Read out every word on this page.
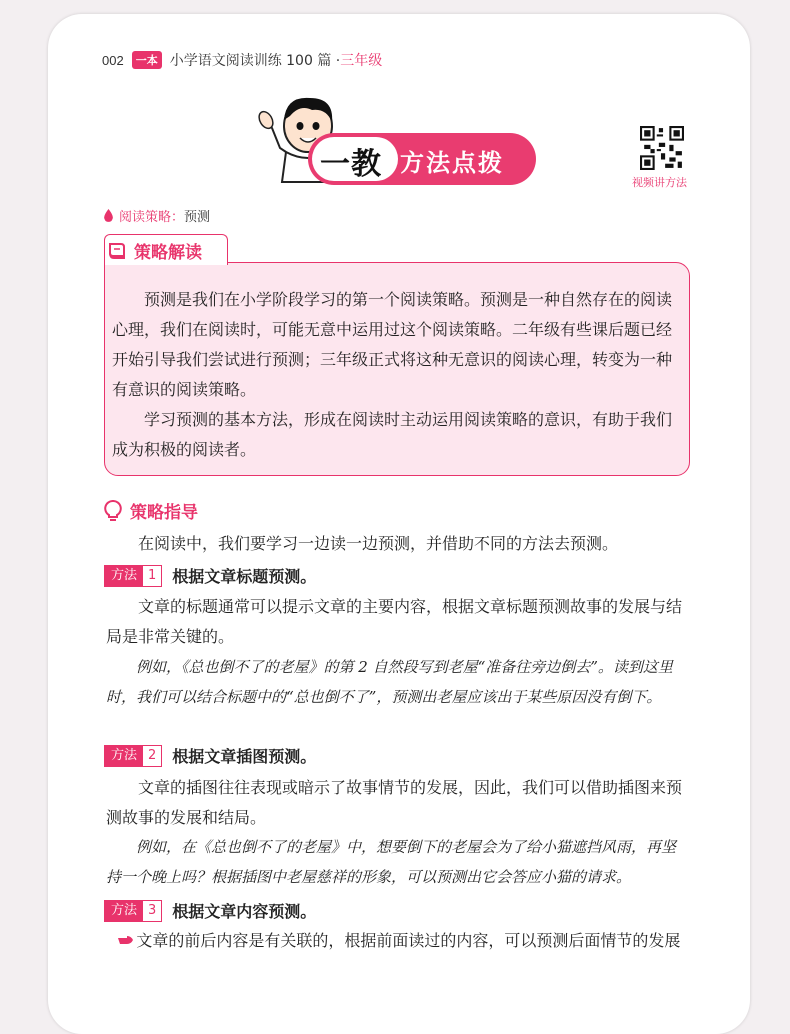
002	一本 小学语文阅读训练 100 篇 · 三年级
一教 方法点拨
视频讲方法
阅读策略： 预测
策略解读
预测是我们在小学阶段学习的第一个阅读策略。预测是一种自然存在的阅读心理，我们在阅读时，可能无意中运用过这个阅读策略。二年级有些课后题已经开始引导我们尝试进行预测；三年级正式将这种无意识的阅读心理，转变为一种有意识的阅读策略。
学习预测的基本方法，形成在阅读时主动运用阅读策略的意识，有助于我们成为积极的阅读者。
策略指导
在阅读中，我们要学习一边读一边预测，并借助不同的方法去预测。
方法 1	根据文章标题预测。
文章的标题通常可以提示文章的主要内容，根据文章标题预测故事的发展与结局是非常关键的。
例如，《总也倒不了的老屋》的第 2 自然段写到老屋“准备往旁边倒去”。读到这里时，我们可以结合标题中的“总也倒不了”，预测出老屋应该出于某些原因没有倒下。
方法 2	根据文章插图预测。
文章的插图往往表现或暗示了故事情节的发展，因此，我们可以借助插图来预测故事的发展和结局。
例如，在《总也倒不了的老屋》中，想要倒下的老屋会为了给小猫遮挡风雨，再坚持一个晚上吗？根据插图中老屋慈祥的形象，可以预测出它会答应小猫的请求。
方法 3	根据文章内容预测。
文章的前后内容是有关联的，根据前面读过的内容，可以预测后面情节的发展
